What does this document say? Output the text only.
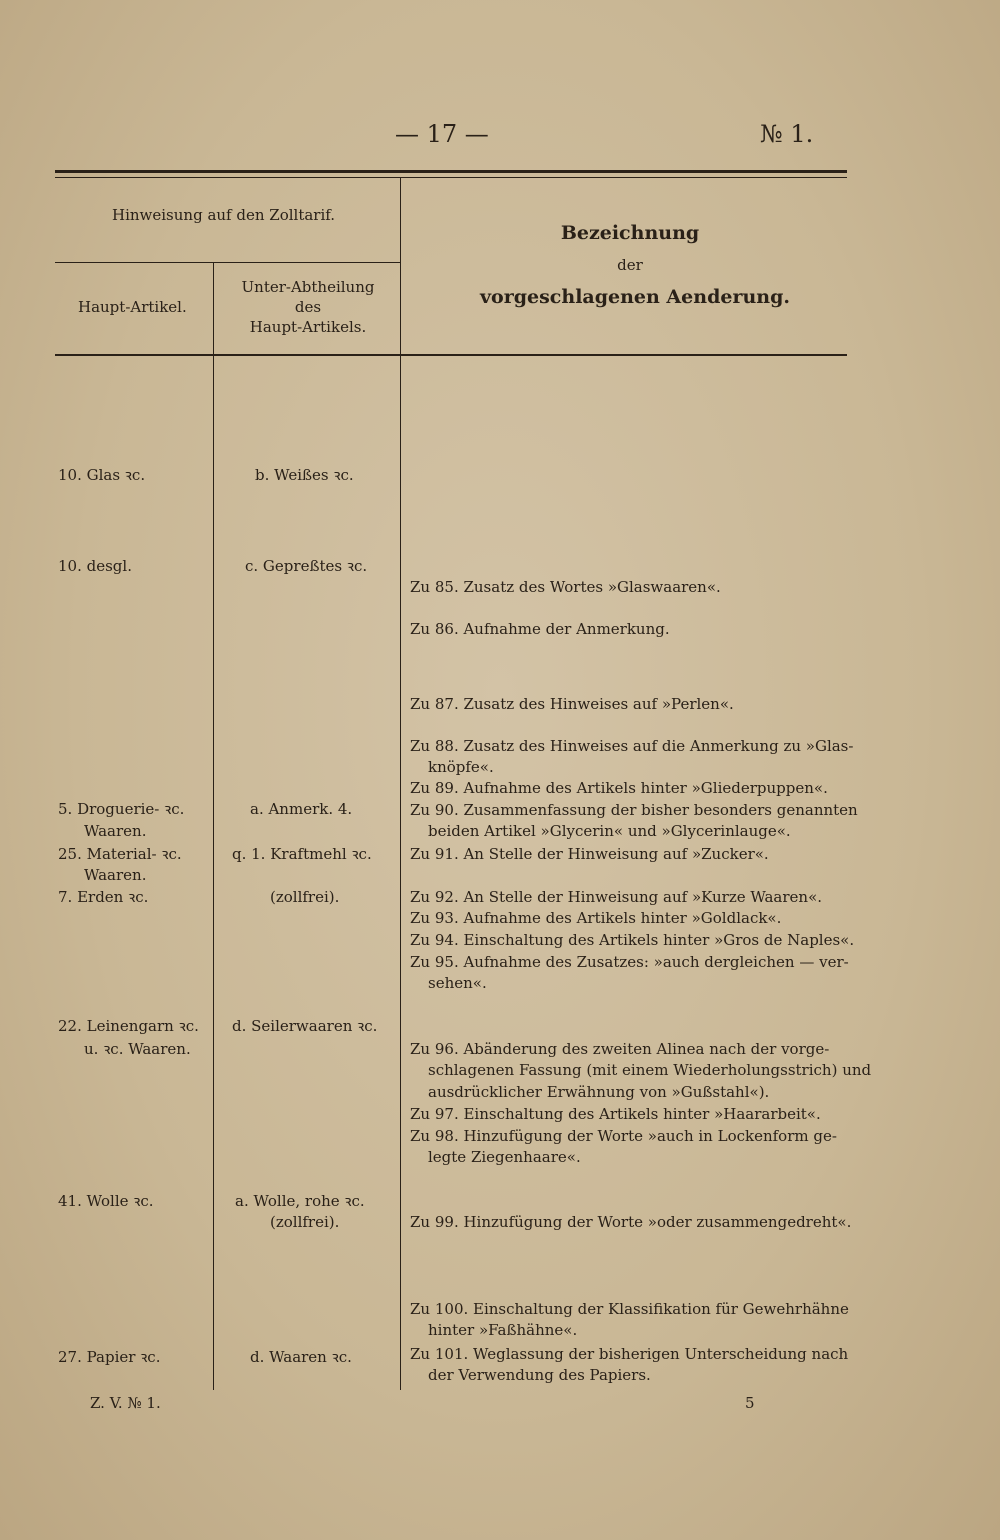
— 17 —	№ 1.
Hinweisung auf den Zolltarif.
Haupt-Artikel.
Unter-Abtheilung
des
Haupt-Artikels.
Bezeichnung
der
vorgeschlagenen Aenderung.
10. Glas ꝛc.
10. desgl.
5. Droguerie- ꝛc.
Waaren.
25. Material- ꝛc.
Waaren.
7. Erden ꝛc.
22. Leinengarn ꝛc.
u. ꝛc. Waaren.
41. Wolle ꝛc.
27. Papier ꝛc.
b. Weißes ꝛc.
c. Gepreßtes ꝛc.
a. Anmerk. 4.
q. 1. Kraftmehl ꝛc.
(zollfrei).
d. Seilerwaaren ꝛc.
a. Wolle, rohe ꝛc.
(zollfrei).
d. Waaren ꝛc.
Zu 85. Zusatz des Wortes »Glaswaaren«.
Zu 86. Aufnahme der Anmerkung.
Zu 87. Zusatz des Hinweises auf »Perlen«.
Zu 88. Zusatz des Hinweises auf die Anmerkung zu »Glas-
knöpfe«.
Zu 89. Aufnahme des Artikels hinter »Gliederpuppen«.
Zu 90. Zusammenfassung der bisher besonders genannten
beiden Artikel »Glycerin« und »Glycerinlauge«.
Zu 91. An Stelle der Hinweisung auf »Zucker«.
Zu 92. An Stelle der Hinweisung auf »Kurze Waaren«.
Zu 93. Aufnahme des Artikels hinter »Goldlack«.
Zu 94. Einschaltung des Artikels hinter »Gros de Naples«.
Zu 95. Aufnahme des Zusatzes: »auch dergleichen — ver-
sehen«.
Zu 96. Abänderung des zweiten Alinea nach der vorge-
schlagenen Fassung (mit einem Wiederholungsstrich) und
ausdrücklicher Erwähnung von »Gußstahl«).
Zu 97. Einschaltung des Artikels hinter »Haararbeit«.
Zu 98. Hinzufügung der Worte »auch in Lockenform ge-
legte Ziegenhaare«.
Zu 99. Hinzufügung der Worte »oder zusammengedreht«.
Zu 100. Einschaltung der Klassifikation für Gewehrhähne
hinter »Faßhähne«.
Zu 101. Weglassung der bisherigen Unterscheidung nach
der Verwendung des Papiers.
Z. V. № 1.	5
